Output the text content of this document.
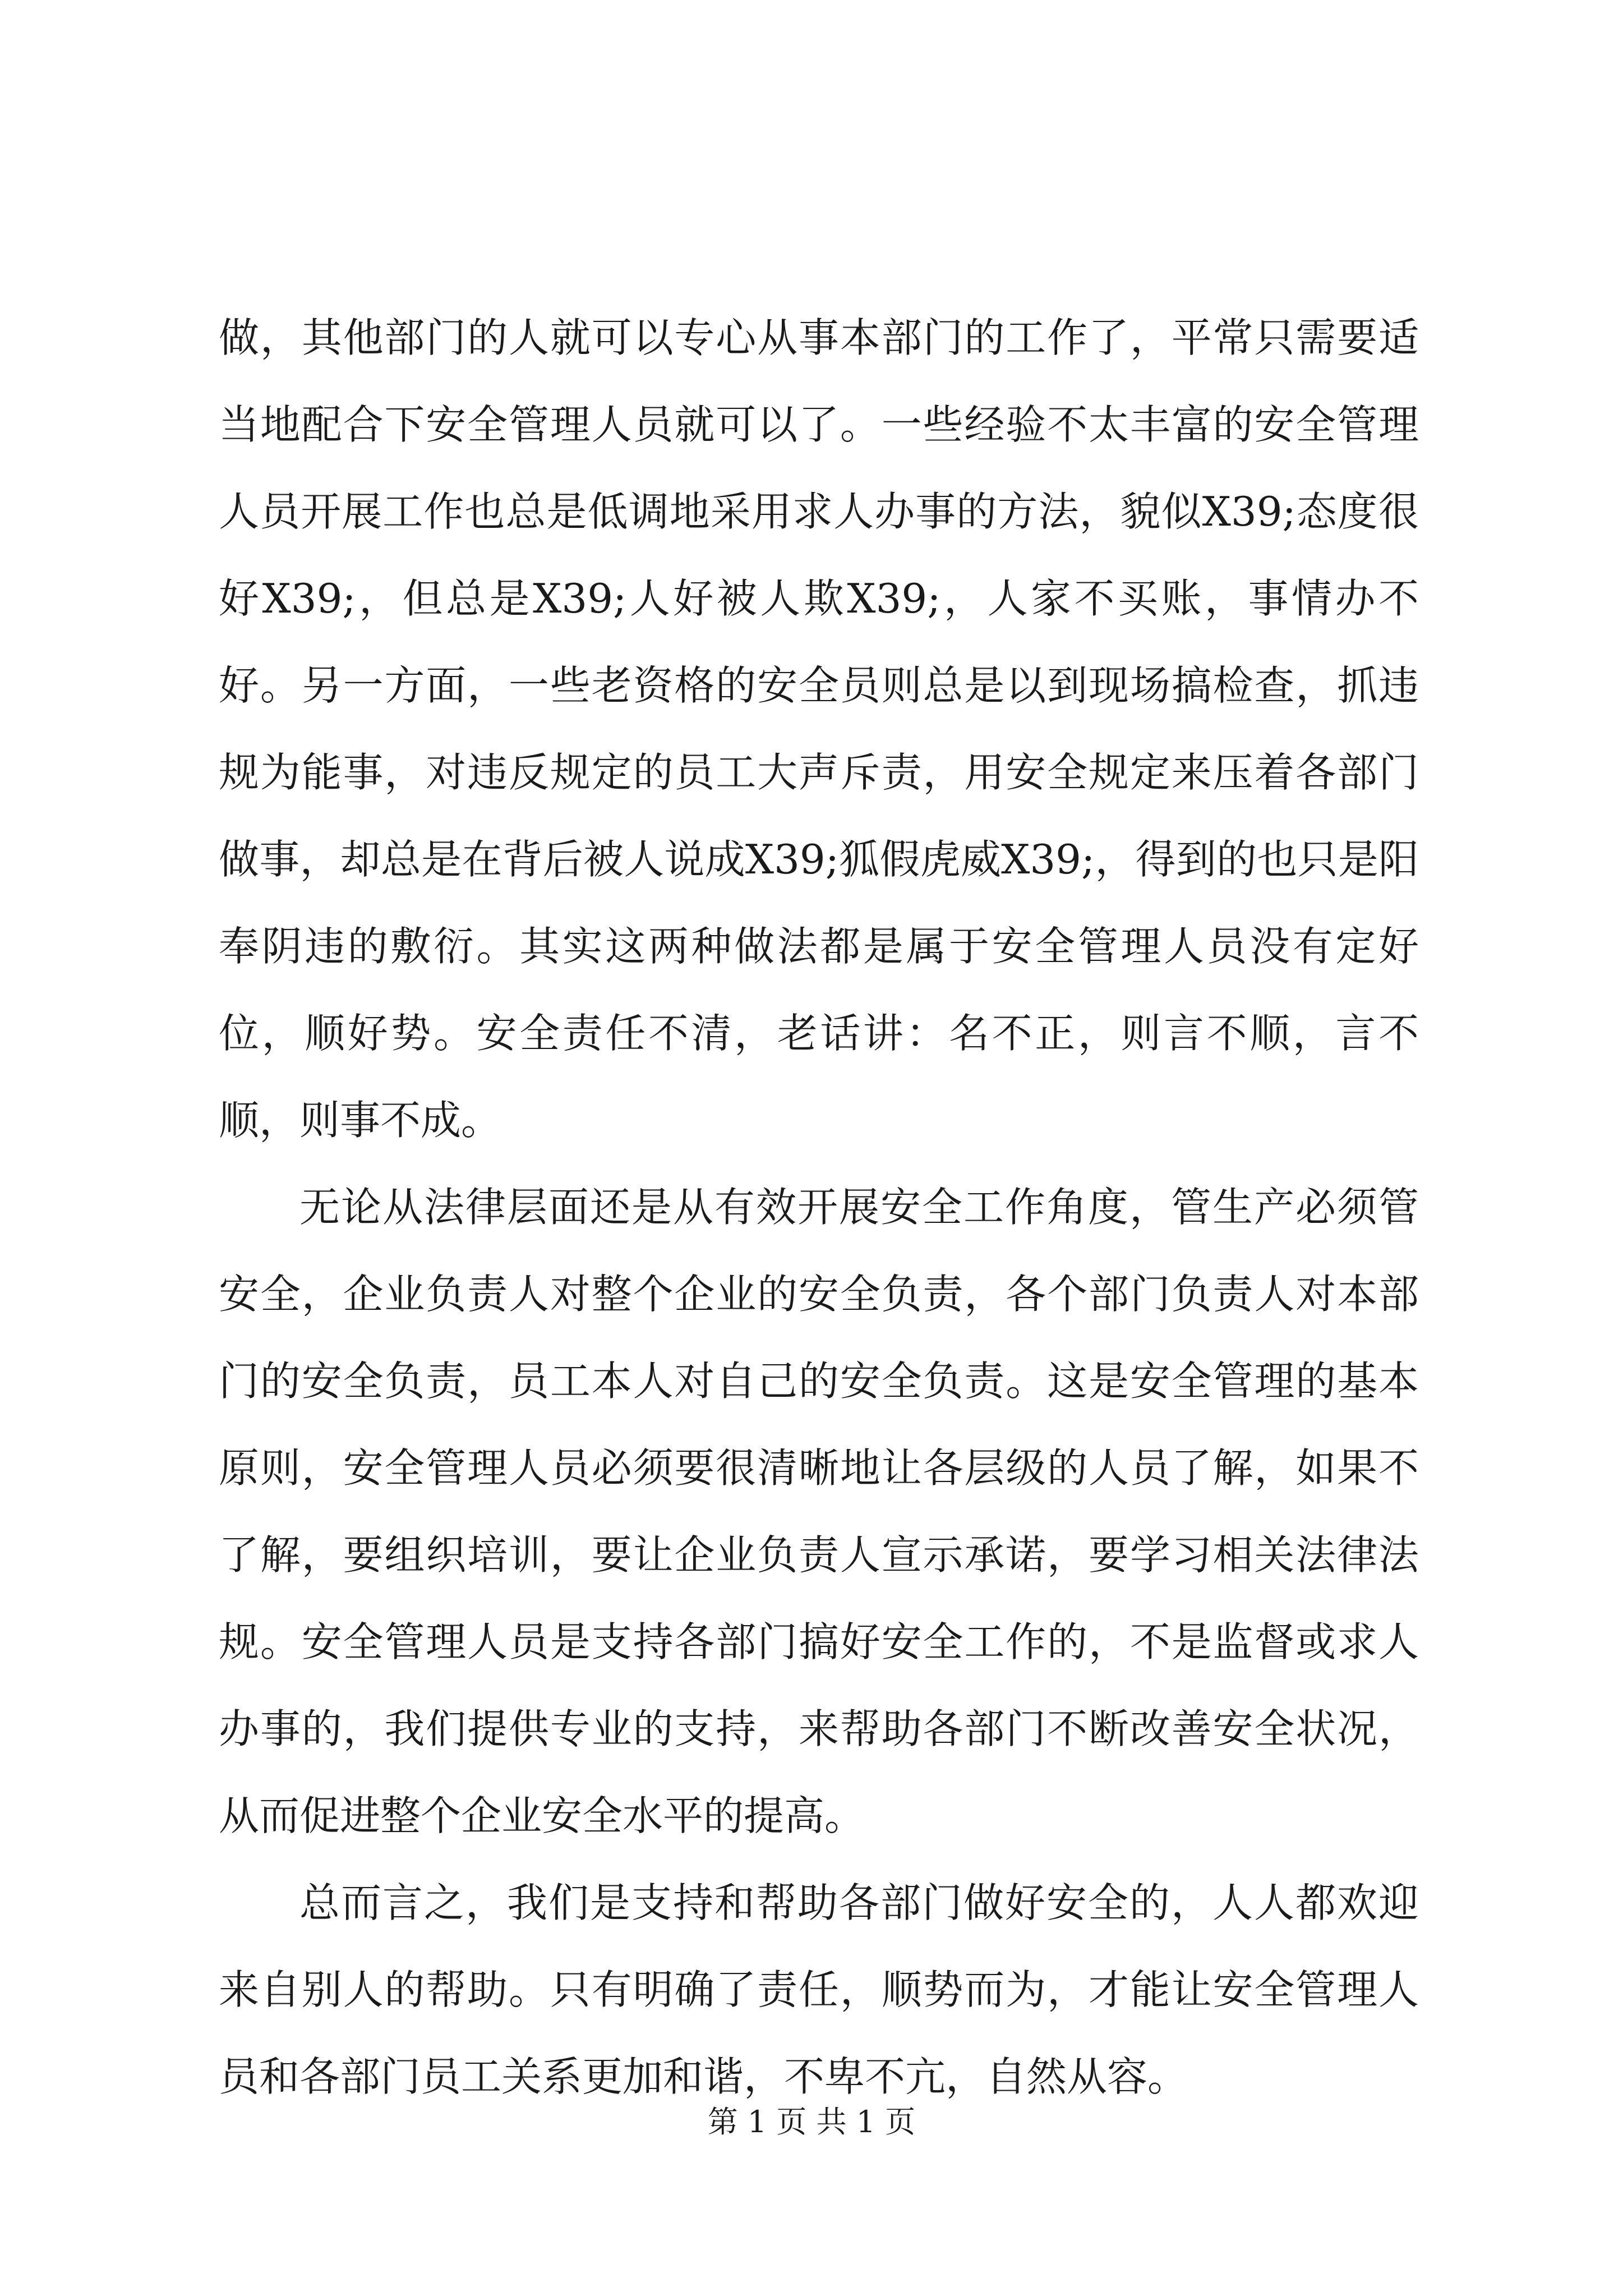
做，其他部门的人就可以专心从事本部门的工作了，平常只需要适当地配合下安全管理人员就可以了。一些经验不太丰富的安全管理人员开展工作也总是低调地采用求人办事的方法，貌似X39;态度很好X39;，但总是X39;人好被人欺X39;，人家不买账，事情办不好。另一方面，一些老资格的安全员则总是以到现场搞检查，抓违规为能事，对违反规定的员工大声斥责，用安全规定来压着各部门做事，却总是在背后被人说成X39;狐假虎威X39;，得到的也只是阳奉阴违的敷衍。其实这两种做法都是属于安全管理人员没有定好位，顺好势。安全责任不清，老话讲：名不正，则言不顺，言不顺，则事不成。

无论从法律层面还是从有效开展安全工作角度，管生产必须管安全，企业负责人对整个企业的安全负责，各个部门负责人对本部门的安全负责，员工本人对自己的安全负责。这是安全管理的基本原则，安全管理人员必须要很清晰地让各层级的人员了解，如果不了解，要组织培训，要让企业负责人宣示承诺，要学习相关法律法规。安全管理人员是支持各部门搞好安全工作的，不是监督或求人办事的，我们提供专业的支持，来帮助各部门不断改善安全状况，从而促进整个企业安全水平的提高。

总而言之，我们是支持和帮助各部门做好安全的，人人都欢迎来自别人的帮助。只有明确了责任，顺势而为，才能让安全管理人员和各部门员工关系更加和谐，不卑不亢，自然从容。

第 1 页 共 1 页
